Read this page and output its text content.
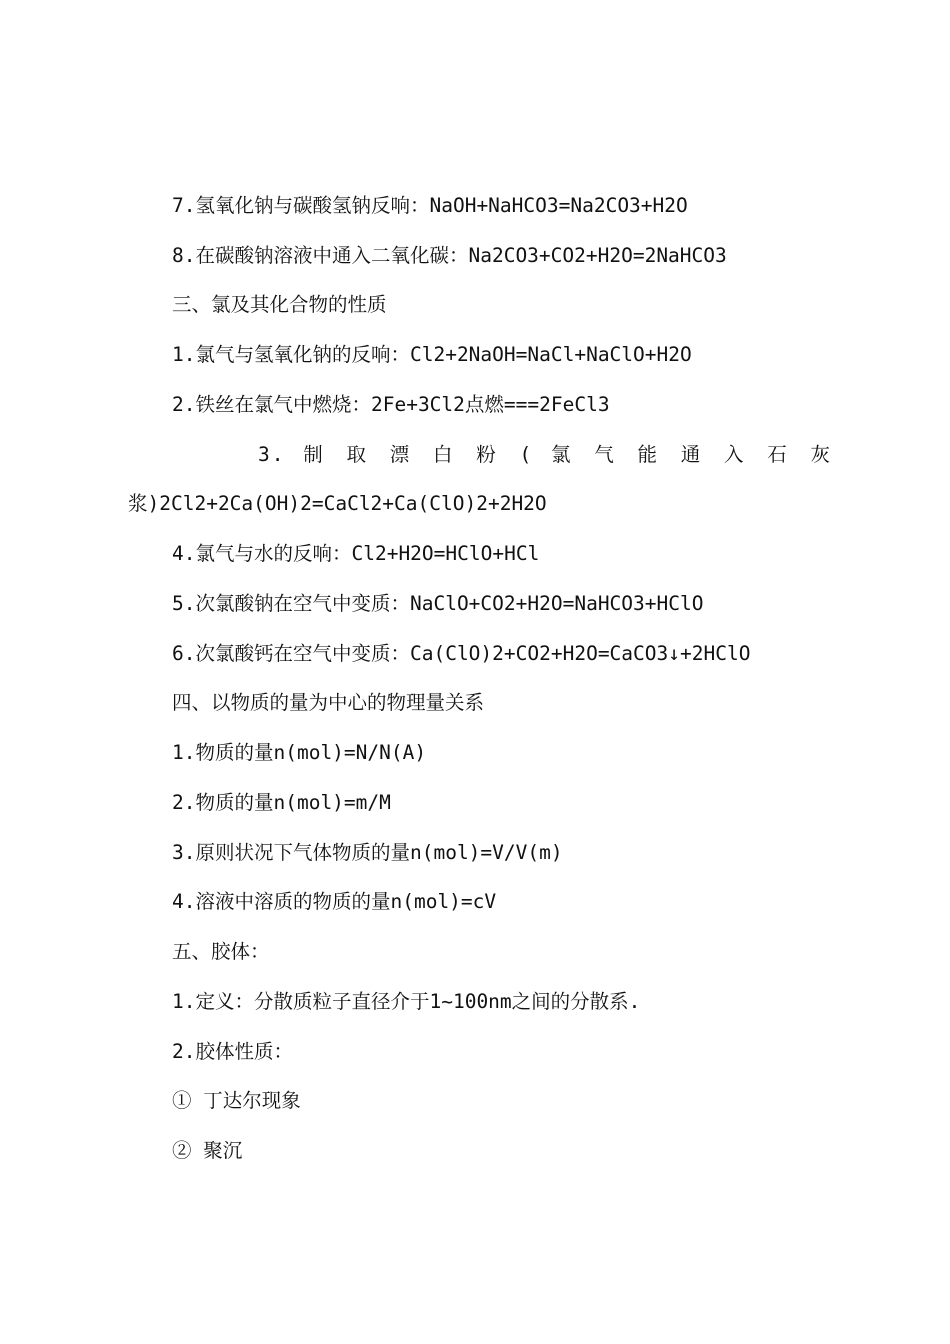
7.氢氧化钠与碳酸氢钠反响：NaOH+NaHCO3=Na2CO3+H2O
8.在碳酸钠溶液中通入二氧化碳：Na2CO3+CO2+H2O=2NaHCO3
三、氯及其化合物的性质
1.氯气与氢氧化钠的反响：Cl2+2NaOH=NaCl+NaClO+H2O
2.铁丝在氯气中燃烧：2Fe+3Cl2点燃===2FeCl3
3. 制 取 漂 白 粉 ( 氯 气 能 通 入 石 灰
浆)2Cl2+2Ca(OH)2=CaCl2+Ca(ClO)2+2H2O
4.氯气与水的反响：Cl2+H2O=HClO+HCl
5.次氯酸钠在空气中变质：NaClO+CO2+H2O=NaHCO3+HClO
6.次氯酸钙在空气中变质：Ca(ClO)2+CO2+H2O=CaCO3↓+2HClO
四、以物质的量为中心的物理量关系
1.物质的量n(mol)=N/N(A)
2.物质的量n(mol)=m/M
3.原则状况下气体物质的量n(mol)=V/V(m)
4.溶液中溶质的物质的量n(mol)=cV
五、胶体：
1.定义：分散质粒子直径介于1~100nm之间的分散系.
2.胶体性质：
① 丁达尔现象
② 聚沉
